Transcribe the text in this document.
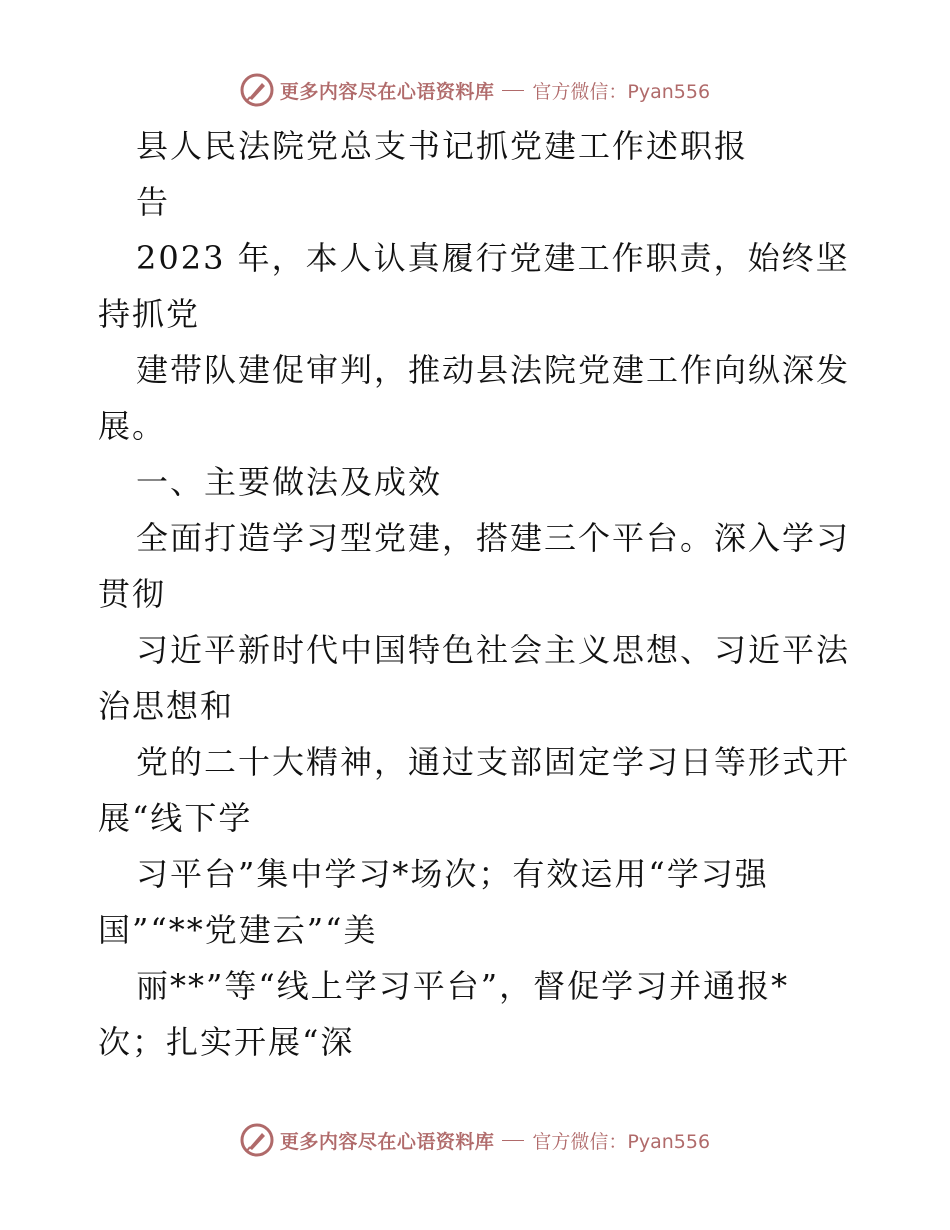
更多内容尽在心语资料库 官方微信：Pyan556
县人民法院党总支书记抓党建工作述职报
告
2023 年，本人认真履行党建工作职责，始终坚
持抓党
建带队建促审判，推动县法院党建工作向纵深发
展。
一、主要做法及成效
全面打造学习型党建，搭建三个平台。深入学习
贯彻
习近平新时代中国特色社会主义思想、习近平法
治思想和
党的二十大精神，通过支部固定学习日等形式开
展“线下学
习平台”集中学习*场次；有效运用“学习强
国”“**党建云”“美
丽**”等“线上学习平台”，督促学习并通报*
次；扎实开展“深
更多内容尽在心语资料库 官方微信：Pyan556
